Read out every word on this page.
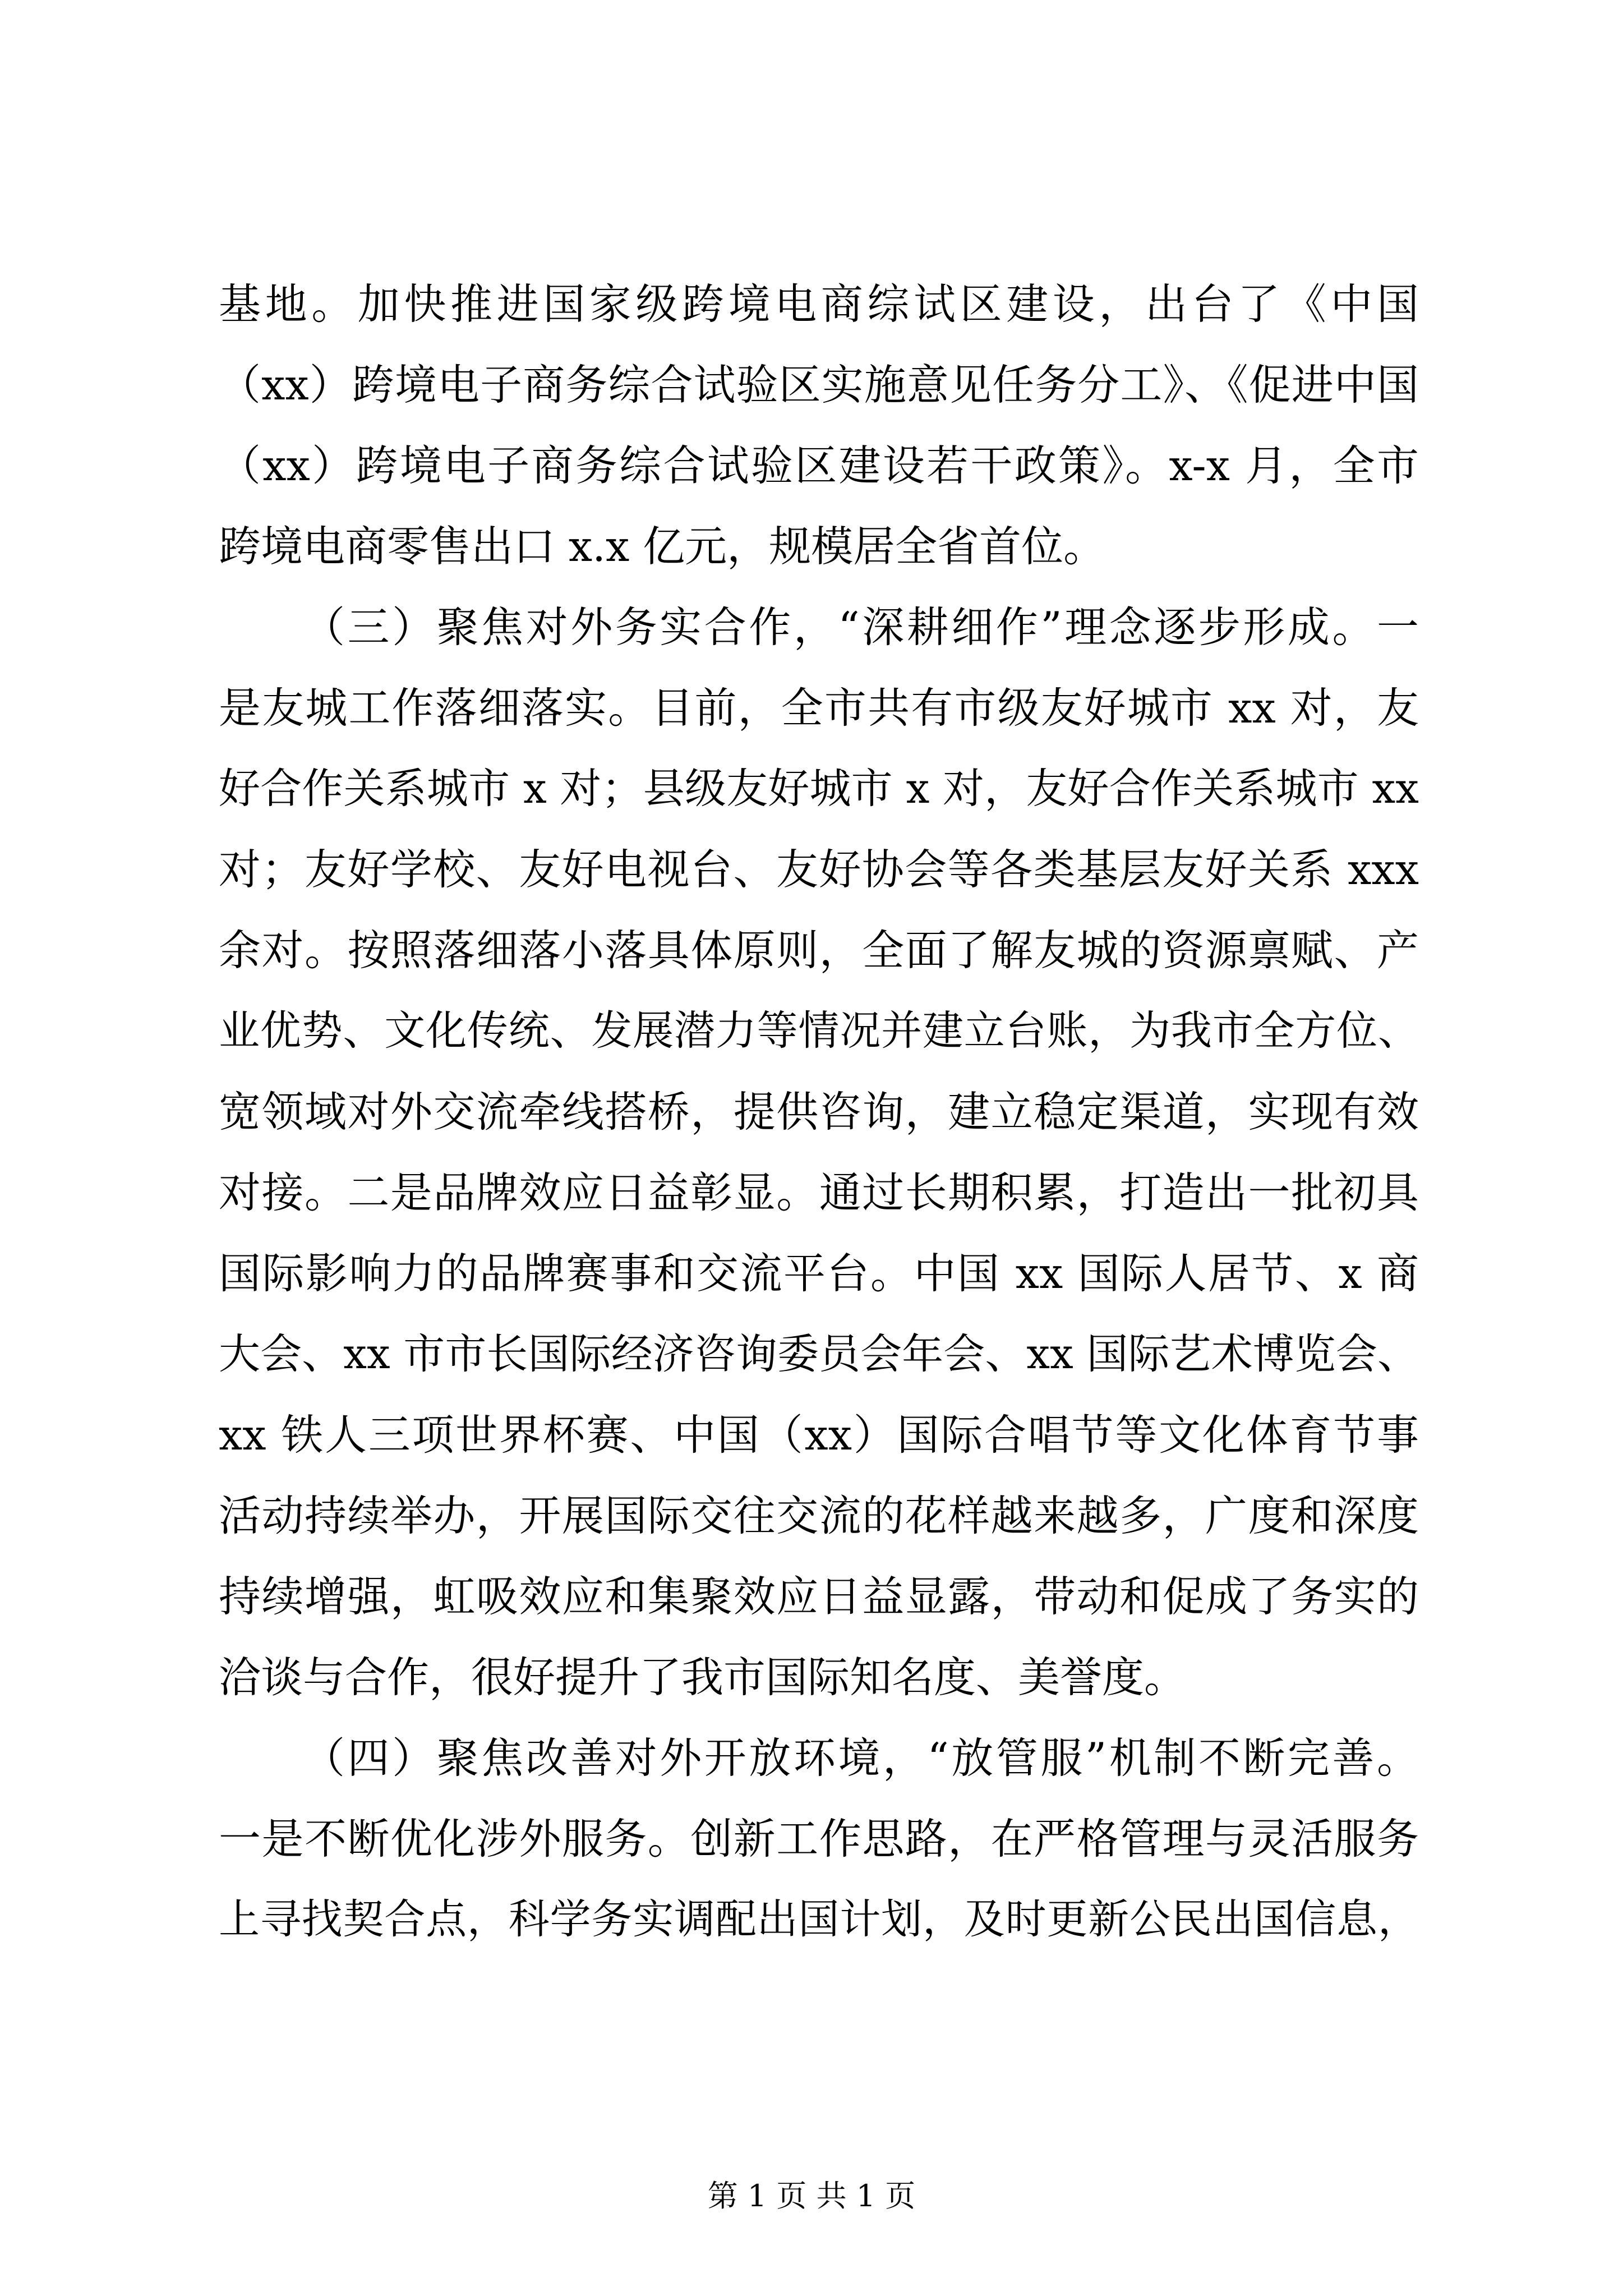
基地。加快推进国家级跨境电商综试区建设，出台了《中国
（xx）跨境电子商务综合试验区实施意见任务分工》、《促进中国
（xx）跨境电子商务综合试验区建设若干政策》。x-x 月，全市
跨境电商零售出口 x.x 亿元，规模居全省首位。
（三）聚焦对外务实合作，“深耕细作”理念逐步形成。一
是友城工作落细落实。目前，全市共有市级友好城市 xx 对，友
好合作关系城市 x 对；县级友好城市 x 对，友好合作关系城市 xx
对；友好学校、友好电视台、友好协会等各类基层友好关系 xxx
余对。按照落细落小落具体原则，全面了解友城的资源禀赋、产
业优势、文化传统、发展潜力等情况并建立台账，为我市全方位、
宽领域对外交流牵线搭桥，提供咨询，建立稳定渠道，实现有效
对接。二是品牌效应日益彰显。通过长期积累，打造出一批初具
国际影响力的品牌赛事和交流平台。中国 xx 国际人居节、x 商
大会、xx 市市长国际经济咨询委员会年会、xx 国际艺术博览会、
xx 铁人三项世界杯赛、中国（xx）国际合唱节等文化体育节事
活动持续举办，开展国际交往交流的花样越来越多，广度和深度
持续增强，虹吸效应和集聚效应日益显露，带动和促成了务实的
洽谈与合作，很好提升了我市国际知名度、美誉度。
（四）聚焦改善对外开放环境，“放管服”机制不断完善。
一是不断优化涉外服务。创新工作思路，在严格管理与灵活服务
上寻找契合点，科学务实调配出国计划，及时更新公民出国信息，
第 1 页 共 1 页
